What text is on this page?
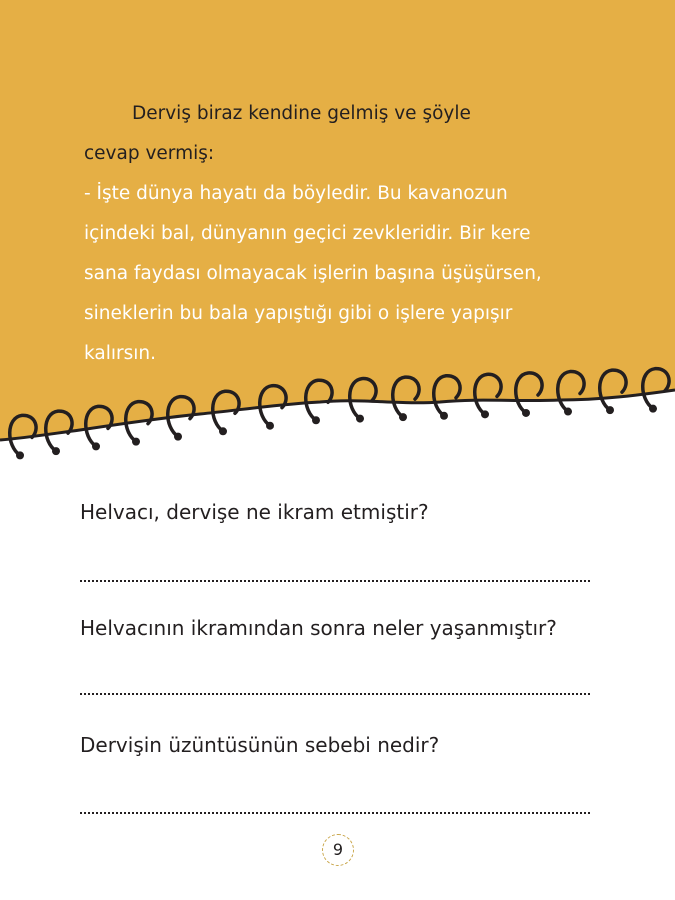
Derviş biraz kendine gelmiş ve şöyle

cevap vermiş:

- İşte dünya hayatı da böyledir. Bu kavanozun

içindeki bal, dünyanın geçici zevkleridir. Bir kere

sana faydası olmayacak işlerin başına üşüşürsen,

sineklerin bu bala yapıştığı gibi o işlere yapışır

kalırsın.

Helvacı, dervişe ne ikram etmiştir?

Helvacının ikramından sonra neler yaşanmıştır?

Dervişin üzüntüsünün sebebi nedir?

9
